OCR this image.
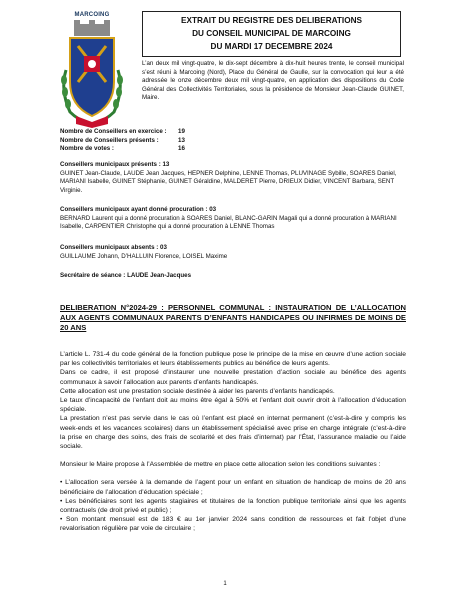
MARCOING
EXTRAIT DU REGISTRE DES DELIBERATIONS
DU CONSEIL MUNICIPAL DE MARCOING
DU MARDI 17 DECEMBRE 2024
L’an deux mil vingt-quatre, le dix-sept décembre à dix-huit heures trente, le conseil municipal s’est réuni à Marcoing (Nord), Place du Général de Gaulle, sur la convocation qui leur a été adressée le onze décembre deux mil vingt-quatre, en application des dispositions du Code Général des Collectivités Territoriales, sous la présidence de Monsieur Jean-Claude GUINET, Maire.
Nombre de Conseillers en exercice :	19
Nombre de Conseillers présents :	13
Nombre de votes :	16
Conseillers municipaux présents : 13
GUINET Jean-Claude, LAUDE Jean Jacques, HEPNER Delphine, LENNE Thomas, PLUVINAGE Sybille, SOARES Daniel, MARIANI Isabelle, GUINET Stéphanie, GUINET Géraldine, MALDERET Pierre, DRIEUX Didier, VINCENT Barbara, SENT Virginie.
Conseillers municipaux ayant donné procuration : 03
BERNARD Laurent qui a donné procuration à SOARES Daniel, BLANC-GARIN Magali qui a donné procuration à MARIANI Isabelle, CARPENTIER Christophe qui a donné procuration à LENNE Thomas
Conseillers municipaux absents : 03
GUILLAUME Johann, D’HALLUIN Florence, LOISEL Maxime
Secrétaire de séance : LAUDE Jean-Jacques
DELIBERATION N°2024-29 : PERSONNEL COMMUNAL : INSTAURATION DE L’ALLOCATION AUX AGENTS COMMUNAUX PARENTS D’ENFANTS HANDICAPES OU INFIRMES DE MOINS DE 20 ANS

L’article L. 731-4 du code général de la fonction publique pose le principe de la mise en œuvre d’une action sociale par les collectivités territoriales et leurs établissements publics au bénéfice de leurs agents.

Dans ce cadre, il est proposé d’instaurer une nouvelle prestation d’action sociale au bénéfice des agents communaux à savoir l’allocation aux parents d’enfants handicapés.

Cette allocation est une prestation sociale destinée à aider les parents d’enfants handicapés.

Le taux d’incapacité de l’enfant doit au moins être égal à 50% et l’enfant doit ouvrir droit à l’allocation d’éducation spéciale.

La prestation n’est pas servie dans le cas où l’enfant est placé en internat permanent (c’est-à-dire y compris les week-ends et les vacances scolaires) dans un établissement spécialisé avec prise en charge intégrale (c’est-à-dire la prise en charge des soins, des frais de scolarité et des frais d’internat) par l’État, l’assurance maladie ou l’aide sociale.

Monsieur le Maire propose à l’Assemblée de mettre en place cette allocation selon les conditions suivantes :

• L’allocation sera versée à la demande de l’agent pour un enfant en situation de handicap de moins de 20 ans bénéficiaire de l’allocation d’éducation spéciale ;

• Les bénéficiaires sont les agents stagiaires et titulaires de la fonction publique territoriale ainsi que les agents contractuels (de droit privé et public) ;

• Son montant mensuel est de 183 € au 1er janvier 2024 sans condition de ressources et fait l’objet d’une revalorisation régulière par voie de circulaire ;

1
